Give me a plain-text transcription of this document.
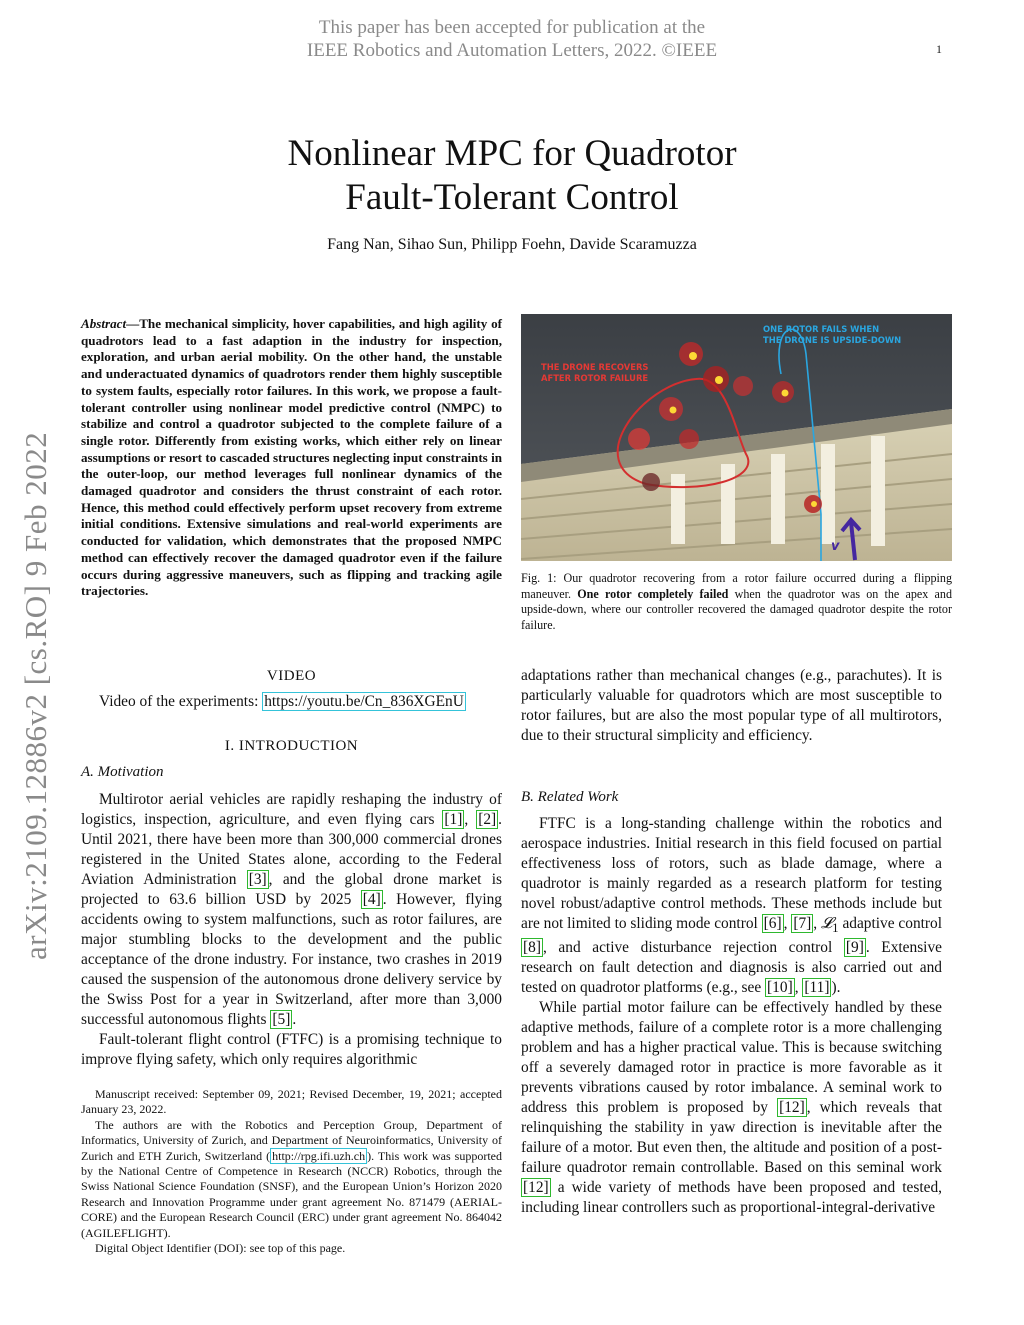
This paper has been accepted for publication at the
IEEE Robotics and Automation Letters, 2022. ©IEEE	1
arXiv:2109.12886v2 [cs.RO] 9 Feb 2022
Nonlinear MPC for Quadrotor
Fault-Tolerant Control
Fang Nan, Sihao Sun, Philipp Foehn, Davide Scaramuzza
Abstract—The mechanical simplicity, hover capabilities, and high agility of quadrotors lead to a fast adaption in the industry for inspection, exploration, and urban aerial mobility. On the other hand, the unstable and underactuated dynamics of quadrotors render them highly susceptible to system faults, especially rotor failures. In this work, we propose a fault-tolerant controller using nonlinear model predictive control (NMPC) to stabilize and control a quadrotor subjected to the complete failure of a single rotor. Differently from existing works, which either rely on linear assumptions or resort to cascaded structures neglecting input constraints in the outer-loop, our method leverages full nonlinear dynamics of the damaged quadrotor and considers the thrust constraint of each rotor. Hence, this method could effectively perform upset recovery from extreme initial conditions. Extensive simulations and real-world experiments are conducted for validation, which demonstrates that the proposed NMPC method can effectively recover the damaged quadrotor even if the failure occurs during aggressive maneuvers, such as flipping and tracking agile trajectories.
v
ONE ROTOR FAILS WHEN
THE DRONE IS UPSIDE-DOWN
THE DRONE RECOVERS
AFTER ROTOR FAILURE
Fig. 1: Our quadrotor recovering from a rotor failure occurred during a flipping maneuver. One rotor completely failed when the quadrotor was on the apex and upside-down, where our controller recovered the damaged quadrotor despite the rotor failure.
VIDEO
Video of the experiments: https://youtu.be/Cn_836XGEnU
I. INTRODUCTION
A. Motivation

Multirotor aerial vehicles are rapidly reshaping the industry of logistics, inspection, agriculture, and even flying cars [1] , [2] . Until 2021, there have been more than 300,000 commercial drones registered in the United States alone, according to the Federal Aviation Administration [3] , and the global drone market is projected to 63.6 billion USD by 2025 [4] . However, flying accidents owing to system malfunctions, such as rotor failures, are major stumbling blocks to the development and the public acceptance of the drone industry. For instance, two crashes in 2019 caused the suspension of the autonomous drone delivery service by the Swiss Post for a year in Switzerland, after more than 3,000 successful autonomous flights [5] .

Fault-tolerant flight control (FTFC) is a promising technique to improve flying safety, which only requires algorithmic

Manuscript received: September 09, 2021; Revised December, 19, 2021; accepted January 23, 2022.

The authors are with the Robotics and Perception Group, Department of Informatics, University of Zurich, and Department of Neuroinformatics, University of Zurich and ETH Zurich, Switzerland ( http://rpg.ifi.uzh.ch ). This work was supported by the National Centre of Competence in Research (NCCR) Robotics, through the Swiss National Science Foundation (SNSF), and the European Union’s Horizon 2020 Research and Innovation Programme under grant agreement No. 871479 (AERIAL-CORE) and the European Research Council (ERC) under grant agreement No. 864042 (AGILEFLIGHT).

Digital Object Identifier (DOI): see top of this page.

adaptations rather than mechanical changes (e.g., parachutes). It is particularly valuable for quadrotors which are most susceptible to rotor failures, but are also the most popular type of all multirotors, due to their structural simplicity and efficiency.
B. Related Work

FTFC is a long-standing challenge within the robotics and aerospace industries. Initial research in this field focused on partial effectiveness loss of rotors, such as blade damage, where a quadrotor is mainly regarded as a research platform for testing novel robust/adaptive control methods. These methods include but are not limited to sliding mode control [6] , [7] , 𝓛$_1$ adaptive control [8] , and active disturbance rejection control [9] . Extensive research on fault detection and diagnosis is also carried out and tested on quadrotor platforms (e.g., see [10] , [11] ).

While partial motor failure can be effectively handled by these adaptive methods, failure of a complete rotor is a more challenging problem and has a higher practical value. This is because switching off a severely damaged rotor in practice is more favorable as it prevents vibrations caused by rotor imbalance. A seminal work to address this problem is proposed by [12] , which reveals that relinquishing the stability in yaw direction is inevitable after the failure of a motor. But even then, the altitude and position of a post-failure quadrotor remain controllable. Based on this seminal work [12] a wide variety of methods have been proposed and tested, including linear controllers such as proportional-integral-derivative
